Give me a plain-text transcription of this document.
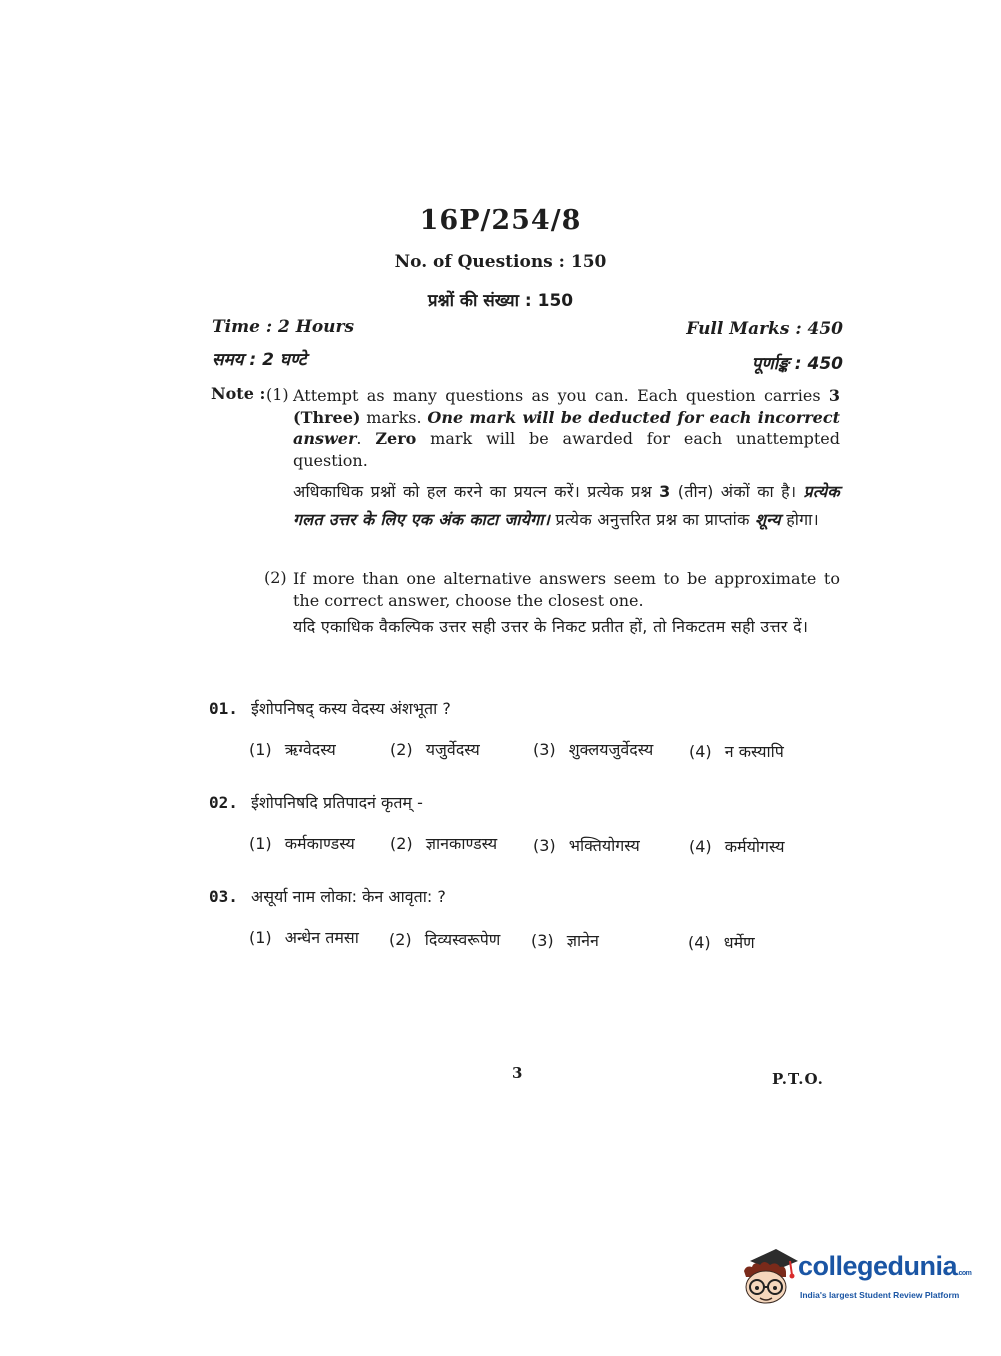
16P/254/8
No. of Questions : 150
प्रश्नों की संख्या : 150
Time : 2 Hours
समय : 2 घण्टे
Full Marks : 450
पूर्णाङ्क : 450
Note : (1) Attempt as many questions as you can. Each question carries 3 (Three) marks. One mark will be deducted for each incorrect answer. Zero mark will be awarded for each unattempted question.
अधिकाधिक प्रश्नों को हल करने का प्रयत्न करें। प्रत्येक प्रश्न 3 (तीन) अंकों का है। प्रत्येक गलत उत्तर के लिए एक अंक काटा जायेगा। प्रत्येक अनुत्तरित प्रश्न का प्राप्तांक शून्य होगा।
(2) If more than one alternative answers seem to be approximate to the correct answer, choose the closest one.
यदि एकाधिक वैकल्पिक उत्तर सही उत्तर के निकट प्रतीत हों, तो निकटतम सही उत्तर दें।
01. ईशोपनिषद् कस्य वेदस्य अंशभूता ?
(1) ऋग्वेदस्य	(2) यजुर्वेदस्य	(3) शुक्लयजुर्वेदस्य (4) न कस्यापि
02. ईशोपनिषदि प्रतिपादनं कृतम् -
(1) कर्मकाण्डस्य (2) ज्ञानकाण्डस्य (3) भक्तियोगस्य	(4) कर्मयोगस्य
03. असूर्या नाम लोका: केन आवृता: ?
(1) अन्धेन तमसा (2) दिव्यस्वरूपेण (3) ज्ञानेन	(4) धर्मेण
3	P.T.O.
collegedunia.com
India's largest Student Review Platform
